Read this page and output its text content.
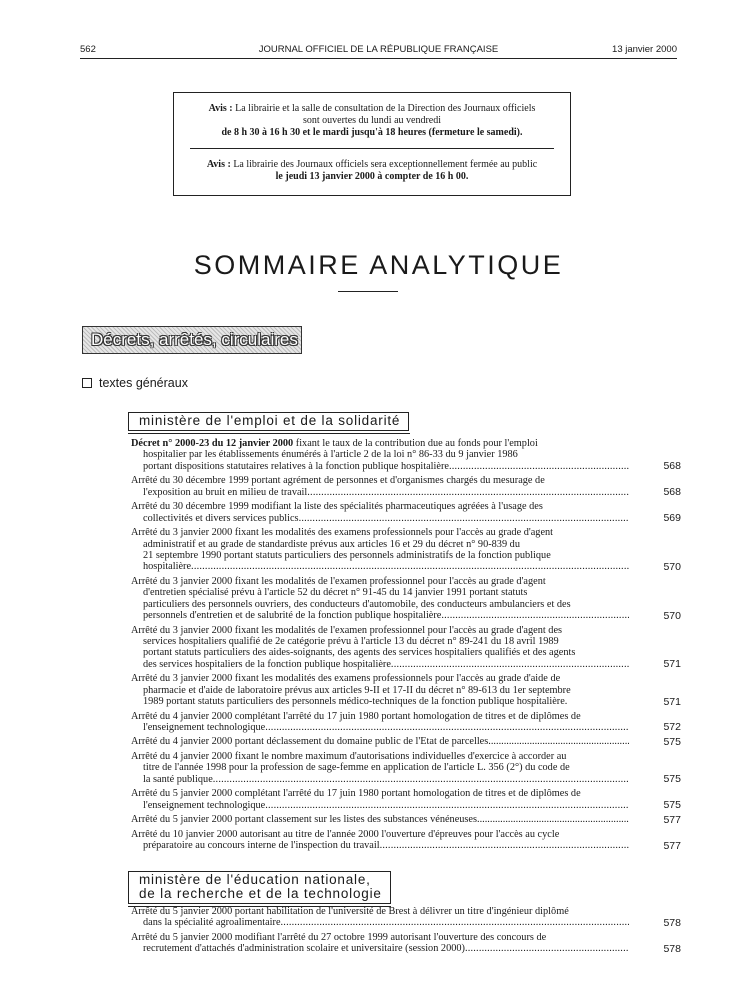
562	JOURNAL OFFICIEL DE LA RÉPUBLIQUE FRANÇAISE	13 janvier 2000
Avis : La librairie et la salle de consultation de la Direction des Journaux officiels
sont ouvertes du lundi au vendredi
de 8 h 30 à 16 h 30 et le mardi jusqu'à 18 heures (fermeture le samedi).
Avis : La librairie des Journaux officiels sera exceptionnellement fermée au public
le jeudi 13 janvier 2000 à compter de 16 h 00.
SOMMAIRE ANALYTIQUE
Décrets, arrêtés, circulaires
textes généraux
ministère de l'emploi et de la solidarité
Décret n° 2000-23 du 12 janvier 2000 fixant le taux de la contribution due au fonds pour l'emploi
hospitalier par les établissements énumérés à l'article 2 de la loi n° 86-33 du 9 janvier 1986
portant dispositions statutaires relatives à la fonction publique hospitalière .....	568
Arrêté du 30 décembre 1999 portant agrément de personnes et d'organismes chargés du mesurage de
l'exposition au bruit en milieu de travail .....	568
Arrêté du 30 décembre 1999 modifiant la liste des spécialités pharmaceutiques agréées à l'usage des
collectivités et divers services publics .....	569
Arrêté du 3 janvier 2000 fixant les modalités des examens professionnels pour l'accès au grade d'agent
administratif et au grade de standardiste prévus aux articles 16 et 29 du décret n° 90-839 du
21 septembre 1990 portant statuts particuliers des personnels administratifs de la fonction publique
hospitalière .....	570
Arrêté du 3 janvier 2000 fixant les modalités de l'examen professionnel pour l'accès au grade d'agent
d'entretien spécialisé prévu à l'article 52 du décret n° 91-45 du 14 janvier 1991 portant statuts
particuliers des personnels ouvriers, des conducteurs d'automobile, des conducteurs ambulanciers et des
personnels d'entretien et de salubrité de la fonction publique hospitalière .....	570
Arrêté du 3 janvier 2000 fixant les modalités de l'examen professionnel pour l'accès au grade d'agent des
services hospitaliers qualifié de 2e catégorie prévu à l'article 13 du décret n° 89-241 du 18 avril 1989
portant statuts particuliers des aides-soignants, des agents des services hospitaliers qualifiés et des agents
des services hospitaliers de la fonction publique hospitalière .....	571
Arrêté du 3 janvier 2000 fixant les modalités des examens professionnels pour l'accès au grade d'aide de
pharmacie et d'aide de laboratoire prévus aux articles 9-II et 17-II du décret n° 89-613 du 1er septembre
1989 portant statuts particuliers des personnels médico-techniques de la fonction publique hospitalière.	571
Arrêté du 4 janvier 2000 complétant l'arrêté du 17 juin 1980 portant homologation de titres et de diplômes de
l'enseignement technologique .....	572
Arrêté du 4 janvier 2000 portant déclassement du domaine public de l'Etat de parcelles .....	575
Arrêté du 4 janvier 2000 fixant le nombre maximum d'autorisations individuelles d'exercice à accorder au
titre de l'année 1998 pour la profession de sage-femme en application de l'article L. 356 (2°) du code de
la santé publique .....	575
Arrêté du 5 janvier 2000 complétant l'arrêté du 17 juin 1980 portant homologation de titres et de diplômes de
l'enseignement technologique .....	575
Arrêté du 5 janvier 2000 portant classement sur les listes des substances vénéneuses .....	577
Arrêté du 10 janvier 2000 autorisant au titre de l'année 2000 l'ouverture d'épreuves pour l'accès au cycle
préparatoire au concours interne de l'inspection du travail .....	577
ministère de l'éducation nationale,
de la recherche et de la technologie
Arrêté du 5 janvier 2000 portant habilitation de l'université de Brest à délivrer un titre d'ingénieur diplômé
dans la spécialité agroalimentaire .....	578
Arrêté du 5 janvier 2000 modifiant l'arrêté du 27 octobre 1999 autorisant l'ouverture des concours de
recrutement d'attachés d'administration scolaire et universitaire (session 2000) .....	578
